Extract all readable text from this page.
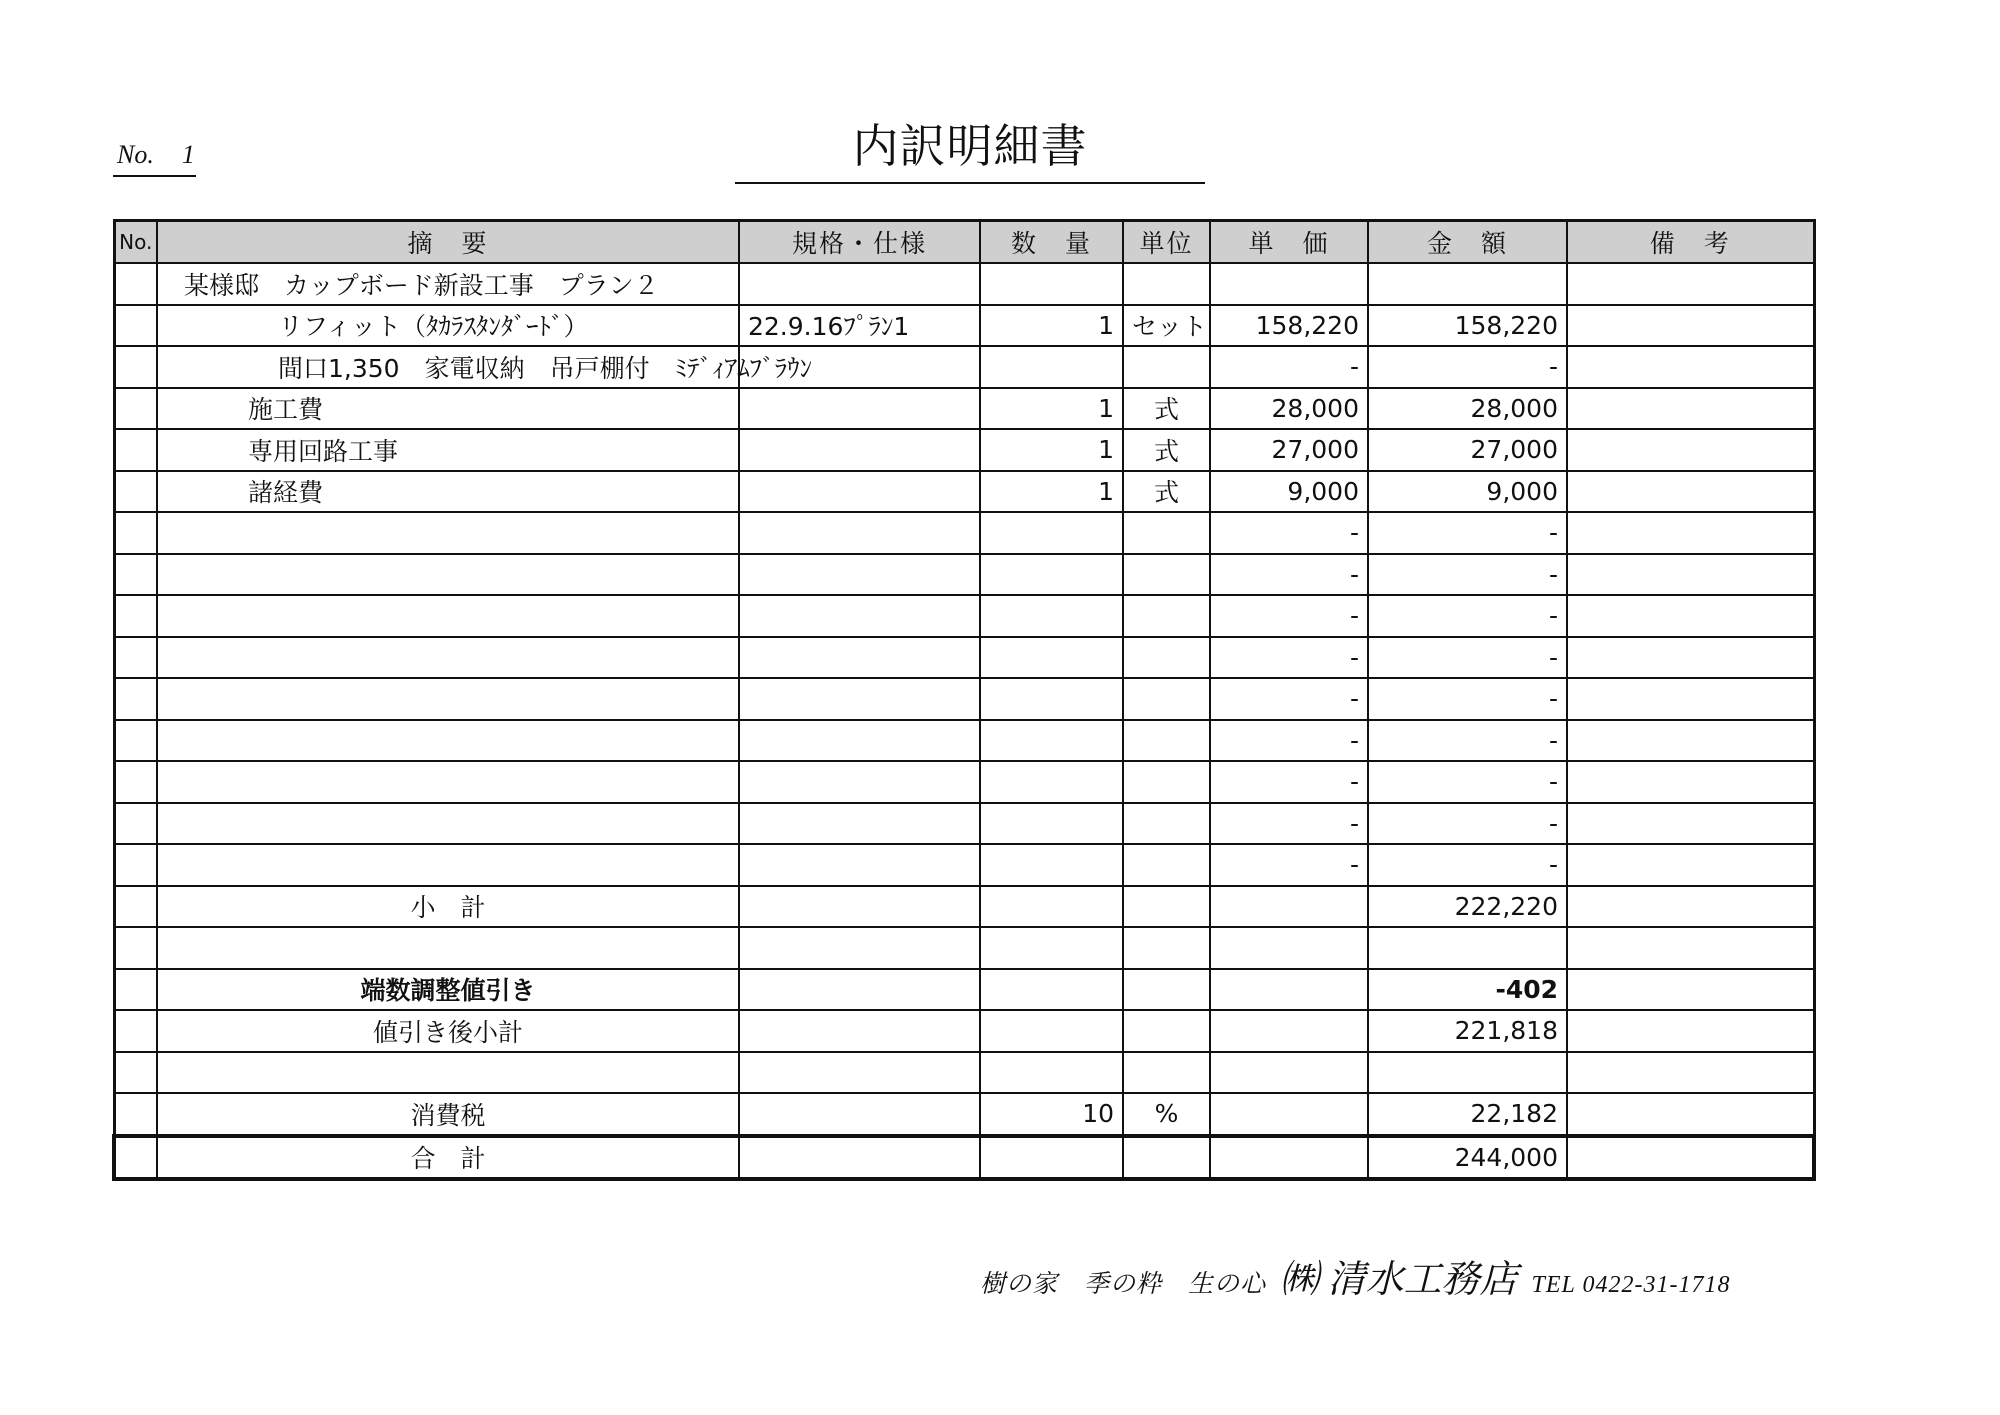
No. 1	内訳明細書
No.	摘　要	規格・仕様	数　量	単位	単　価	金　額	備　考
	某様邸　カップボード新設工事　プラン２						
	リフィット（ﾀｶﾗｽﾀﾝﾀﾞｰﾄﾞ）	22.9.16ﾌﾟﾗﾝ1	1	セット	158,220	158,220	
	間口1,350　家電収納　吊戸棚付　ﾐﾃﾞｨｱﾑﾌﾞﾗｳﾝ				-	-	
	施工費		1	式	28,000	28,000	
	専用回路工事		1	式	27,000	27,000	
	諸経費		1	式	9,000	9,000	
					-	-	
					-	-	
					-	-	
					-	-	
					-	-	
					-	-	
					-	-	
					-	-	
					-	-	
	小　計					222,220	

	端数調整値引き					-402	
	値引き後小計					221,818	

	消費税		10	%		22,182	
	合　計					244,000	
樹の家　季の粋　生の心 ㈱ 清水工務店 TEL 0422-31-1718
